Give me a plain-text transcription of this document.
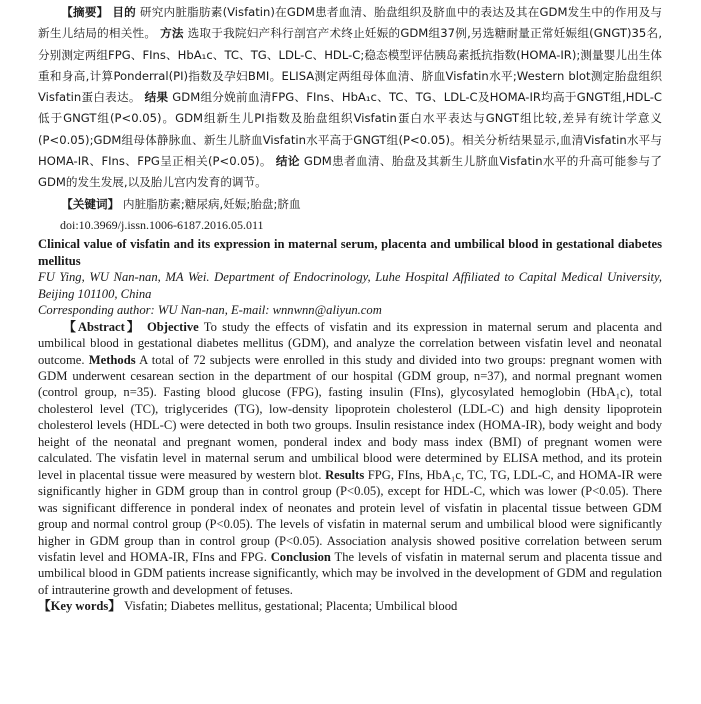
【摘要】 目的 研究内脏脂肪素(Visfatin)在GDM患者血清、胎盘组织及脐血中的表达及其在GDM发生中的作用及与新生儿结局的相关性。 方法 选取于我院妇产科行剖宫产术终止妊娠的GDM组37例,另选糖耐量正常妊娠组(GNGT)35名,分别测定两组FPG、FIns、HbA₁c、TC、TG、LDL-C、HDL-C;稳态模型评估胰岛素抵抗指数(HOMA-IR);测量婴儿出生体重和身高,计算Ponderral(PI)指数及孕妇BMI。ELISA测定两组母体血清、脐血Visfatin水平;Western blot测定胎盘组织Visfatin蛋白表达。 结果 GDM组分娩前血清FPG、FIns、HbA₁c、TC、TG、LDL-C及HOMA-IR均高于GNGT组,HDL-C低于GNGT组(P<0.05)。GDM组新生儿PI指数及胎盘组织Visfatin蛋白水平表达与GNGT组比较,差异有统计学意义(P<0.05);GDM组母体静脉血、新生儿脐血Visfatin水平高于GNGT组(P<0.05)。相关分析结果显示,血清Visfatin水平与HOMA-IR、FIns、FPG呈正相关(P<0.05)。 结论 GDM患者血清、胎盘及其新生儿脐血Visfatin水平的升高可能参与了GDM的发生发展,以及胎儿宫内发育的调节。

【关键词】 内脏脂肪素;糖尿病,妊娠;胎盘;脐血

doi:10.3969/j.issn.1006-6187.2016.05.011

Clinical value of visfatin and its expression in maternal serum, placenta and umbilical blood in gestational diabetes mellitus

FU Ying, WU Nan-nan, MA Wei. Department of Endocrinology, Luhe Hospital Affiliated to Capital Medical University, Beijing 101100, China

Corresponding author: WU Nan-nan, E-mail: wnnwnn@aliyun.com

【Abstract】 Objective To study the effects of visfatin and its expression in maternal serum and placenta and umbilical blood in gestational diabetes mellitus (GDM), and analyze the correlation between visfatin level and neonatal outcome. Methods A total of 72 subjects were enrolled in this study and divided into two groups: pregnant women with GDM underwent cesarean section in the department of our hospital (GDM group, n=37), and normal pregnant women (control group, n=35). Fasting blood glucose (FPG), fasting insulin (FIns), glycosylated hemoglobin (HbA₁c), total cholesterol level (TC), triglycerides (TG), low-density lipoprotein cholesterol (LDL-C) and high density lipoprotein cholesterol levels (HDL-C) were detected in both two groups. Insulin resistance index (HOMA-IR), body weight and body height of the neonatal and pregnant women, ponderal index and body mass index (BMI) of pregnant women were calculated. The visfatin level in maternal serum and umbilical blood were determined by ELISA method, and its protein level in placental tissue were measured by western blot. Results FPG, FIns, HbA₁c, TC, TG, LDL-C, and HOMA-IR were significantly higher in GDM group than in control group (P<0.05), except for HDL-C, which was lower (P<0.05). There was significant difference in ponderal index of neonates and protein level of visfatin in placental tissue between GDM group and normal control group (P<0.05). The levels of visfatin in maternal serum and umbilical blood were significantly higher in GDM group than in control group (P<0.05). Association analysis showed positive correlation between serum visfatin level and HOMA-IR, FIns and FPG. Conclusion The levels of visfatin in maternal serum and placenta tissue and umbilical blood in GDM patients increase significantly, which may be involved in the development of GDM and regulation of intrauterine growth and development of fetuses.

【Key words】 Visfatin; Diabetes mellitus, gestational; Placenta; Umbilical blood
